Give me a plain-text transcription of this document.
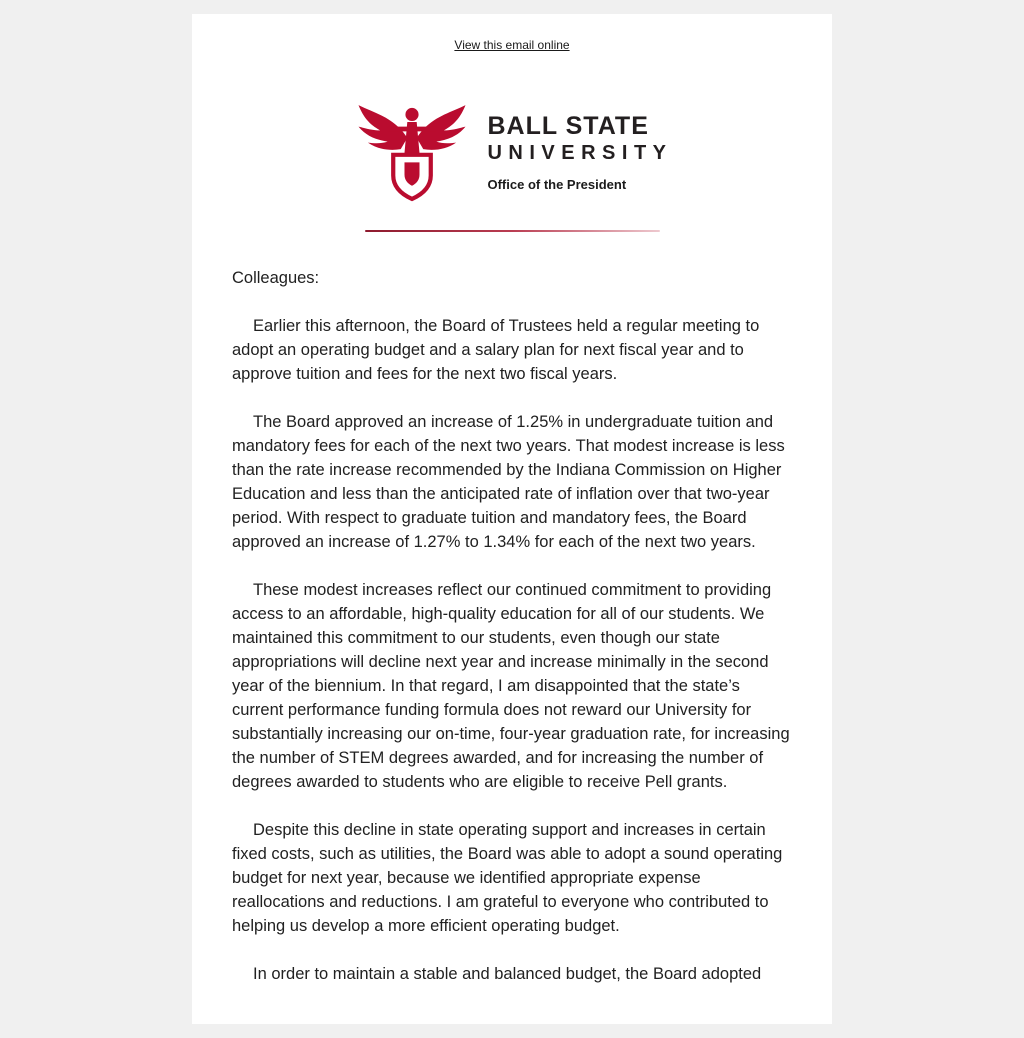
View this email online
BALL STATE
UNIVERSITY
Office of the President

Colleagues:

Earlier this afternoon, the Board of Trustees held a regular meeting to adopt an operating budget and a salary plan for next fiscal year and to approve tuition and fees for the next two fiscal years.

The Board approved an increase of 1.25% in undergraduate tuition and mandatory fees for each of the next two years. That modest increase is less than the rate increase recommended by the Indiana Commission on Higher Education and less than the anticipated rate of inflation over that two-year period. With respect to graduate tuition and mandatory fees, the Board approved an increase of 1.27% to 1.34% for each of the next two years.

These modest increases reflect our continued commitment to providing access to an affordable, high-quality education for all of our students. We maintained this commitment to our students, even though our state appropriations will decline next year and increase minimally in the second year of the biennium. In that regard, I am disappointed that the state’s current performance funding formula does not reward our University for substantially increasing our on-time, four-year graduation rate, for increasing the number of STEM degrees awarded, and for increasing the number of degrees awarded to students who are eligible to receive Pell grants.

Despite this decline in state operating support and increases in certain fixed costs, such as utilities, the Board was able to adopt a sound operating budget for next year, because we identified appropriate expense reallocations and reductions. I am grateful to everyone who contributed to helping us develop a more efficient operating budget.

In order to maintain a stable and balanced budget, the Board adopted
